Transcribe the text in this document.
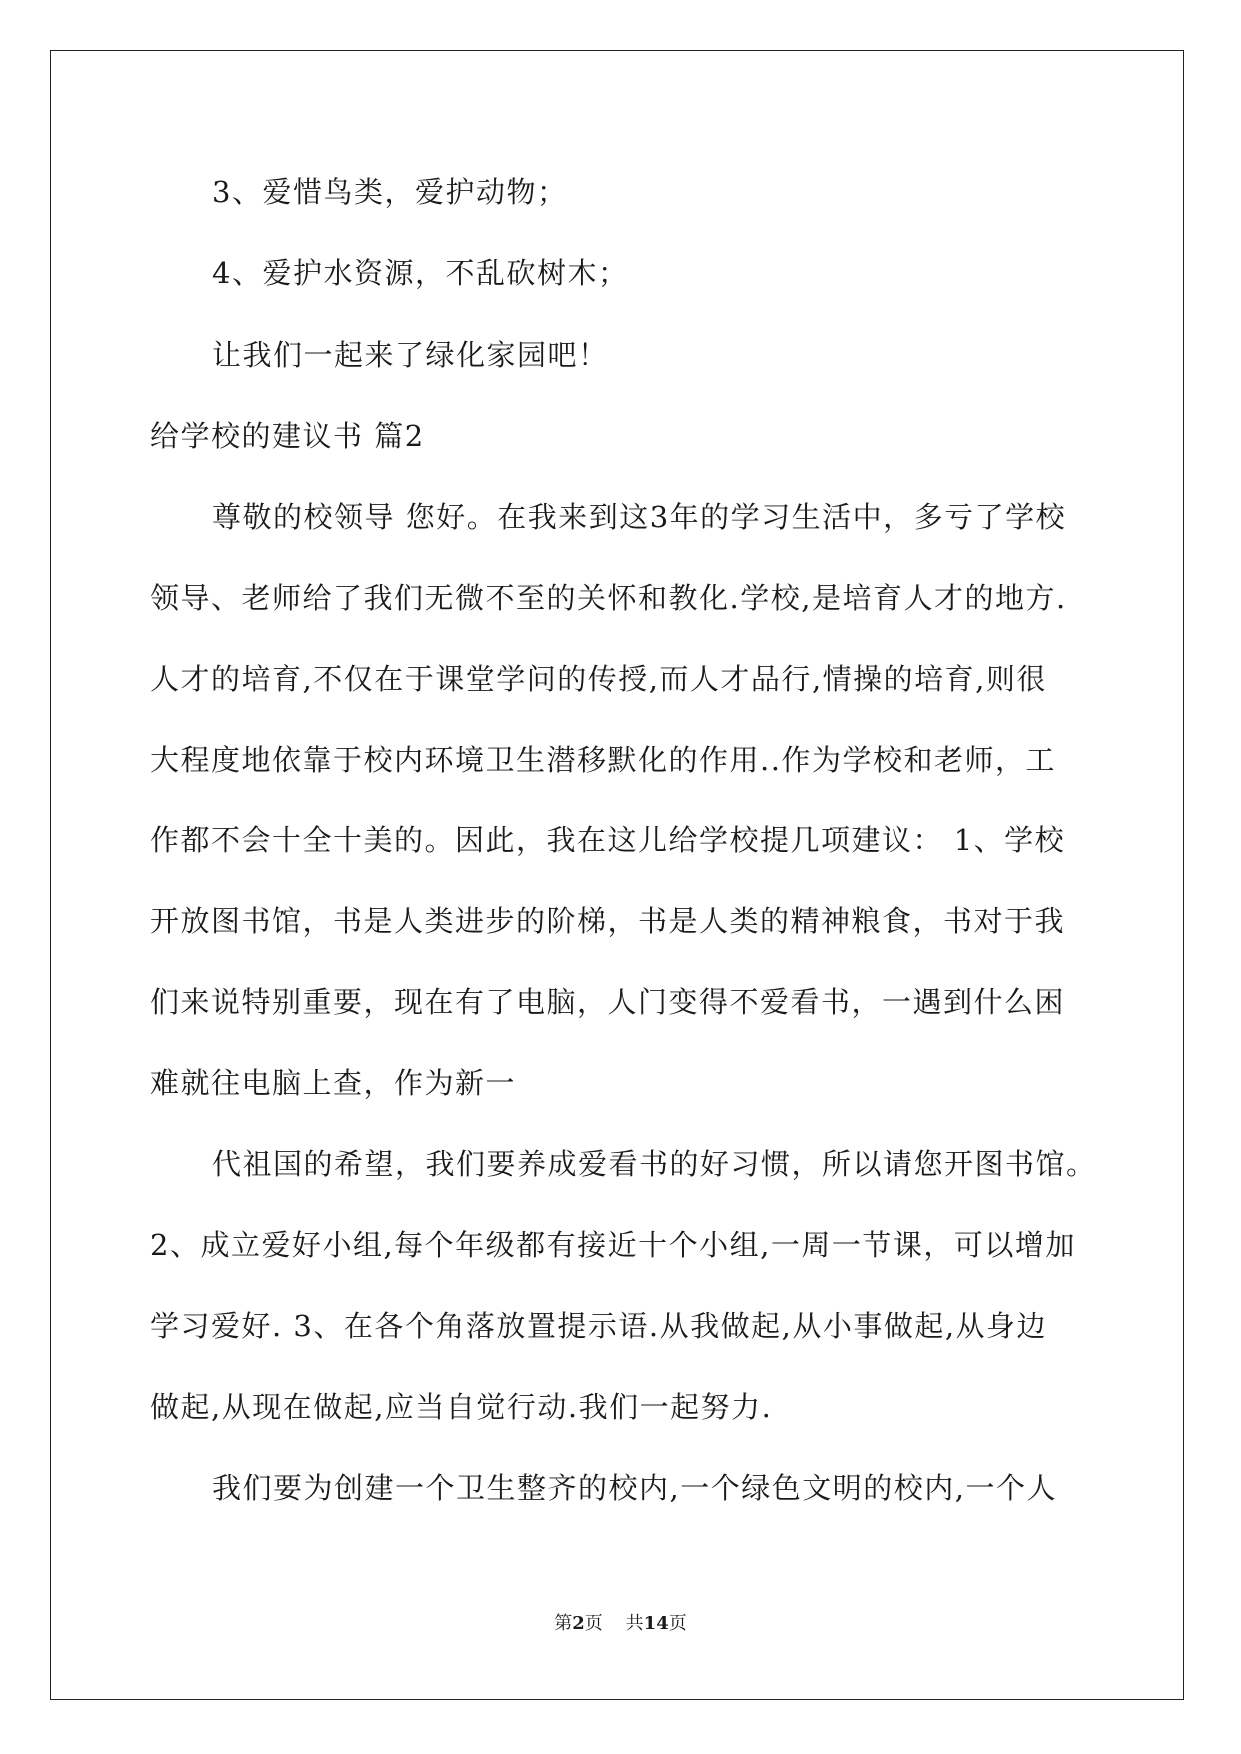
3、爱惜鸟类，爱护动物；
4、爱护水资源，不乱砍树木；
让我们一起来了绿化家园吧！
给学校的建议书 篇2
尊敬的校领导 您好。在我来到这3年的学习生活中，多亏了学校
领导、老师给了我们无微不至的关怀和教化.学校,是培育人才的地方.
人才的培育,不仅在于课堂学问的传授,而人才品行,情操的培育,则很
大程度地依靠于校内环境卫生潜移默化的作用..作为学校和老师，工
作都不会十全十美的。因此，我在这儿给学校提几项建议： 1、学校
开放图书馆，书是人类进步的阶梯，书是人类的精神粮食，书对于我
们来说特别重要，现在有了电脑，人门变得不爱看书，一遇到什么困
难就往电脑上查，作为新一
代祖国的希望，我们要养成爱看书的好习惯，所以请您开图书馆。
2、成立爱好小组,每个年级都有接近十个小组,一周一节课，可以增加
学习爱好. 3、在各个角落放置提示语.从我做起,从小事做起,从身边
做起,从现在做起,应当自觉行动.我们一起努力.
我们要为创建一个卫生整齐的校内,一个绿色文明的校内,一个人
第2页 共14页
